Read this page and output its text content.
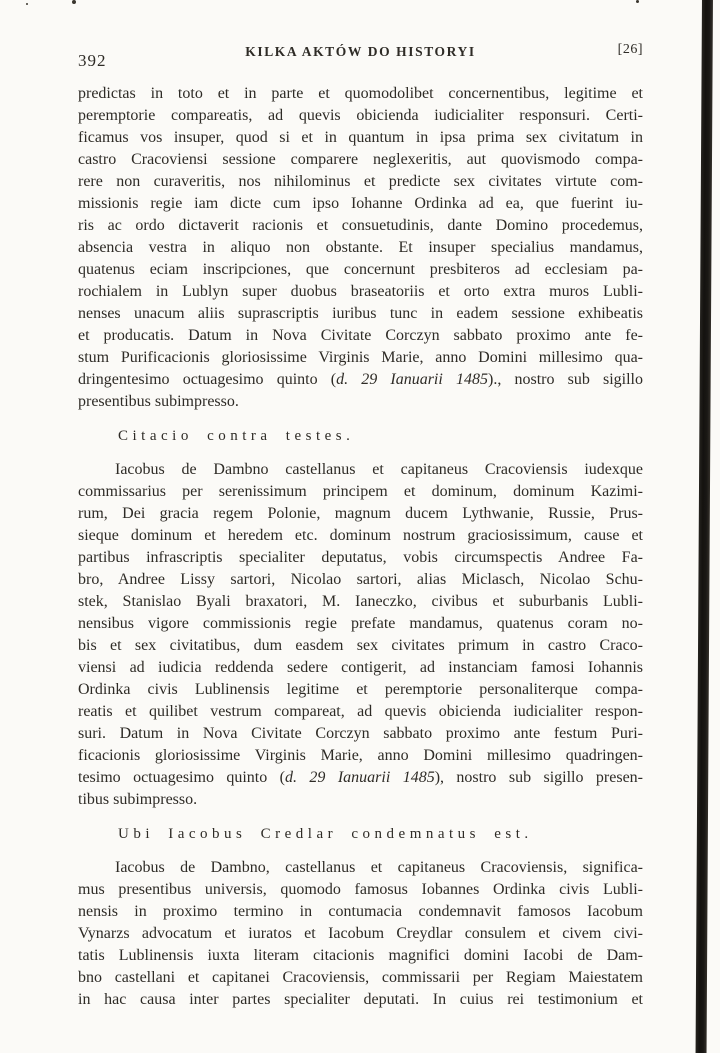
392	KILKA AKTÓW DO HISTORYI	[26]
predictas in toto et in parte et quomodolibet concernentibus, legitime et
peremptorie compareatis, ad quevis obicienda iudicialiter responsuri. Certi-
ficamus vos insuper, quod si et in quantum in ipsa prima sex civitatum in
castro Cracoviensi sessione comparere neglexeritis, aut quovismodo compa-
rere non curaveritis, nos nihilominus et predicte sex civitates virtute com-
missionis regie iam dicte cum ipso Iohanne Ordinka ad ea, que fuerint iu-
ris ac ordo dictaverit racionis et consuetudinis, dante Domino procedemus,
absencia vestra in aliquo non obstante. Et insuper specialius mandamus,
quatenus eciam inscripciones, que concernunt presbiteros ad ecclesiam pa-
rochialem in Lublyn super duobus braseatoriis et orto extra muros Lubli-
nenses unacum aliis suprascriptis iuribus tunc in eadem sessione exhibeatis
et producatis. Datum in Nova Civitate Corczyn sabbato proximo ante fe-
stum Purificacionis gloriosissime Virginis Marie, anno Domini millesimo qua-
dringentesimo octuagesimo quinto (d. 29 Ianuarii 1485)., nostro sub sigillo
presentibus subimpresso.
Citacio contra testes.
Iacobus de Dambno castellanus et capitaneus Cracoviensis iudexque
commissarius per serenissimum principem et dominum, dominum Kazimi-
rum, Dei gracia regem Polonie, magnum ducem Lythwanie, Russie, Prus-
sieque dominum et heredem etc. dominum nostrum graciosissimum, cause et
partibus infrascriptis specialiter deputatus, vobis circumspectis Andree Fa-
bro, Andree Lissy sartori, Nicolao sartori, alias Miclasch, Nicolao Schu-
stek, Stanislao Byali braxatori, M. Ianeczko, civibus et suburbanis Lubli-
nensibus vigore commissionis regie prefate mandamus, quatenus coram no-
bis et sex civitatibus, dum easdem sex civitates primum in castro Craco-
viensi ad iudicia reddenda sedere contigerit, ad instanciam famosi Iohannis
Ordinka civis Lublinensis legitime et peremptorie personaliterque compa-
reatis et quilibet vestrum compareat, ad quevis obicienda iudicialiter respon-
suri. Datum in Nova Civitate Corczyn sabbato proximo ante festum Puri-
ficacionis gloriosissime Virginis Marie, anno Domini millesimo quadringen-
tesimo octuagesimo quinto (d. 29 Ianuarii 1485), nostro sub sigillo presen-
tibus subimpresso.
Ubi Iacobus Credlar condemnatus est.
Iacobus de Dambno, castellanus et capitaneus Cracoviensis, significa-
mus presentibus universis, quomodo famosus Iobannes Ordinka civis Lubli-
nensis in proximo termino in contumacia condemnavit famosos Iacobum
Vynarzs advocatum et iuratos et Iacobum Creydlar consulem et civem civi-
tatis Lublinensis iuxta literam citacionis magnifici domini Iacobi de Dam-
bno castellani et capitanei Cracoviensis, commissarii per Regiam Maiestatem
in hac causa inter partes specialiter deputati. In cuius rei testimonium et
